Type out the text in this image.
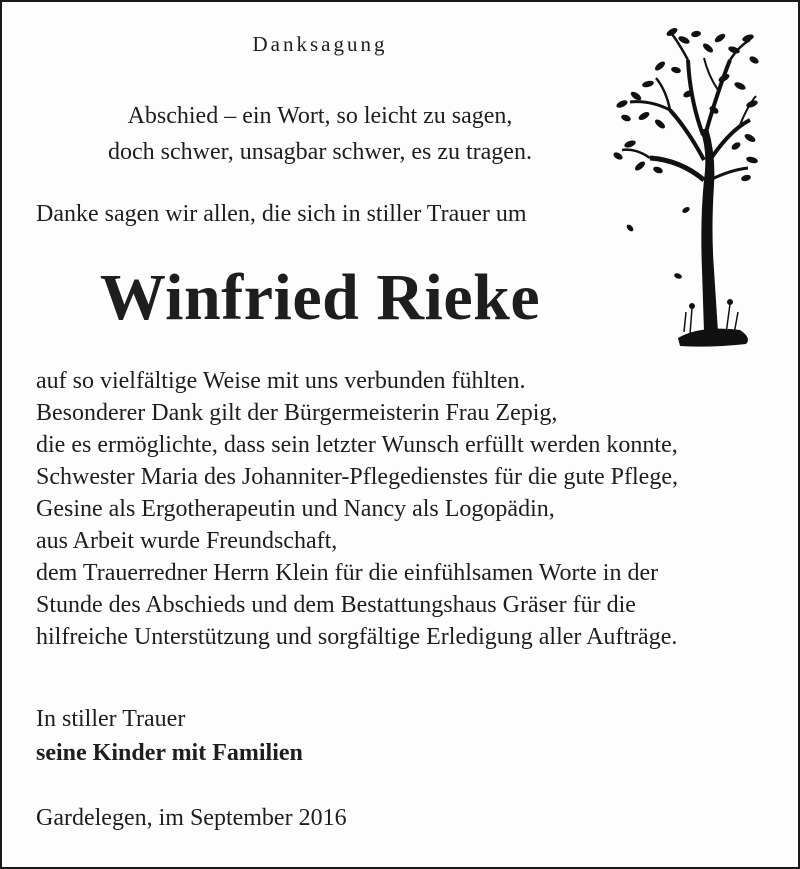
Danksagung
Abschied – ein Wort, so leicht zu sagen,
doch schwer, unsagbar schwer, es zu tragen.
Danke sagen wir allen, die sich in stiller Trauer um
Winfried Rieke
auf so vielfältige Weise mit uns verbunden fühlten.
Besonderer Dank gilt der Bürgermeisterin Frau Zepig,
die es ermöglichte, dass sein letzter Wunsch erfüllt werden konnte,
Schwester Maria des Johanniter-Pflegedienstes für die gute Pflege,
Gesine als Ergotherapeutin und Nancy als Logopädin,
aus Arbeit wurde Freundschaft,
dem Trauerredner Herrn Klein für die einfühlsamen Worte in der
Stunde des Abschieds und dem Bestattungshaus Gräser für die
hilfreiche Unterstützung und sorgfältige Erledigung aller Aufträge.
In stiller Trauer
seine Kinder mit Familien
Gardelegen, im September 2016
